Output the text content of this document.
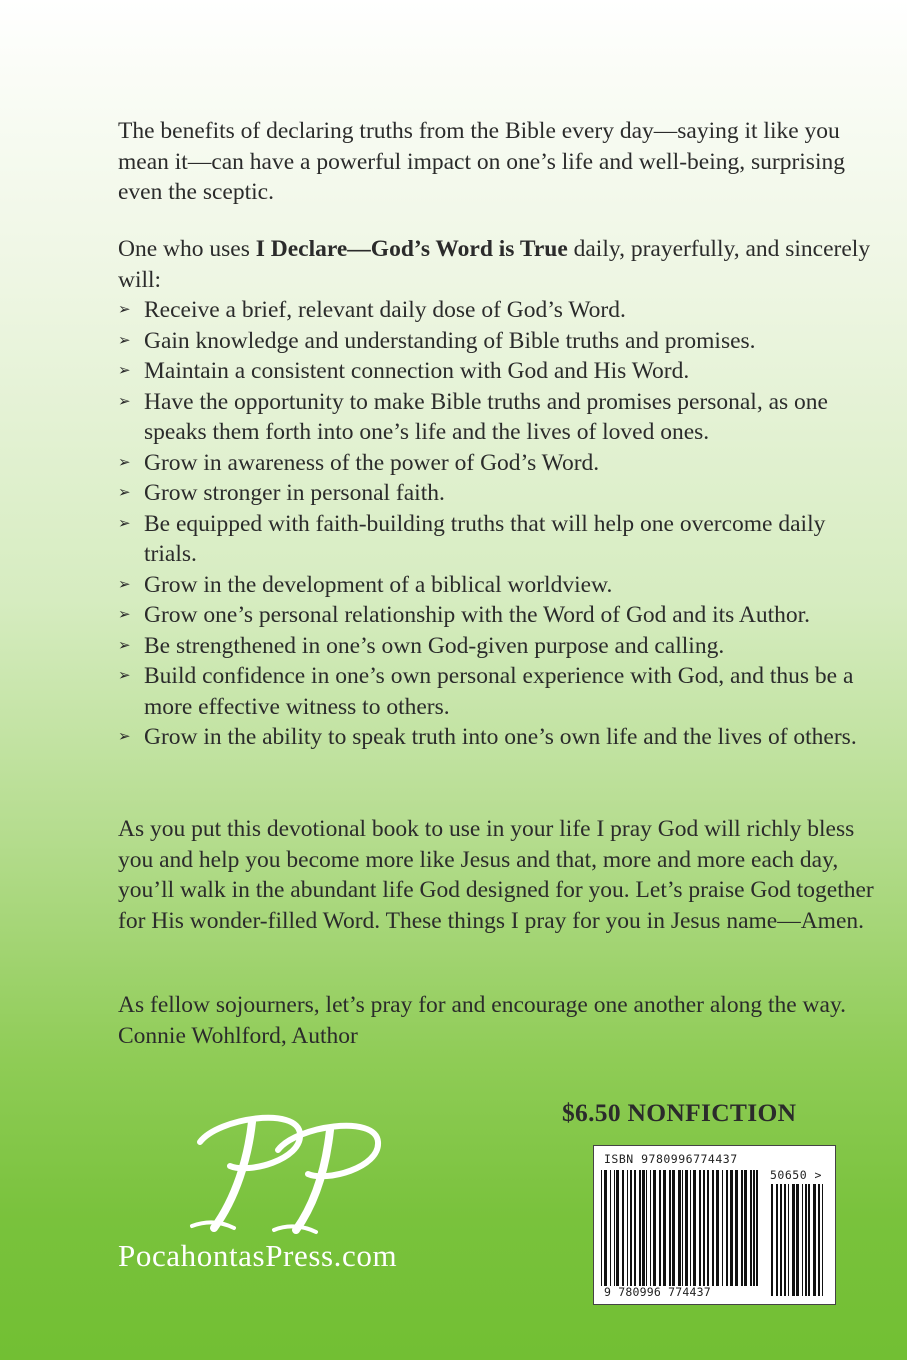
The benefits of declaring truths from the Bible every day—saying it like you mean it—can have a powerful impact on one’s life and well-being, surprising even the sceptic.
One who uses I Declare—God’s Word is True daily, prayerfully, and sincerely will:
➢ Receive a brief, relevant daily dose of God’s Word.
➢ Gain knowledge and understanding of Bible truths and promises.
➢ Maintain a consistent connection with God and His Word.
➢ Have the opportunity to make Bible truths and promises personal, as one speaks them forth into one’s life and the lives of loved ones.
➢ Grow in awareness of the power of God’s Word.
➢ Grow stronger in personal faith.
➢ Be equipped with faith-building truths that will help one overcome daily trials.
➢ Grow in the development of a biblical worldview.
➢ Grow one’s personal relationship with the Word of God and its Author.
➢ Be strengthened in one’s own God-given purpose and calling.
➢ Build confidence in one’s own personal experience with God, and thus be a more effective witness to others.
➢ Grow in the ability to speak truth into one’s own life and the lives of others.
As you put this devotional book to use in your life I pray God will richly bless you and help you become more like Jesus and that, more and more each day, you’ll walk in the abundant life God designed for you. Let’s praise God together for His wonder-filled Word. These things I pray for you in Jesus name—Amen.
As fellow sojourners, let’s pray for and encourage one another along the way. Connie Wohlford, Author
PocahontasPress.com
$6.50 NONFICTION
ISBN 9780996774437
50650 >
9 780996 774437
